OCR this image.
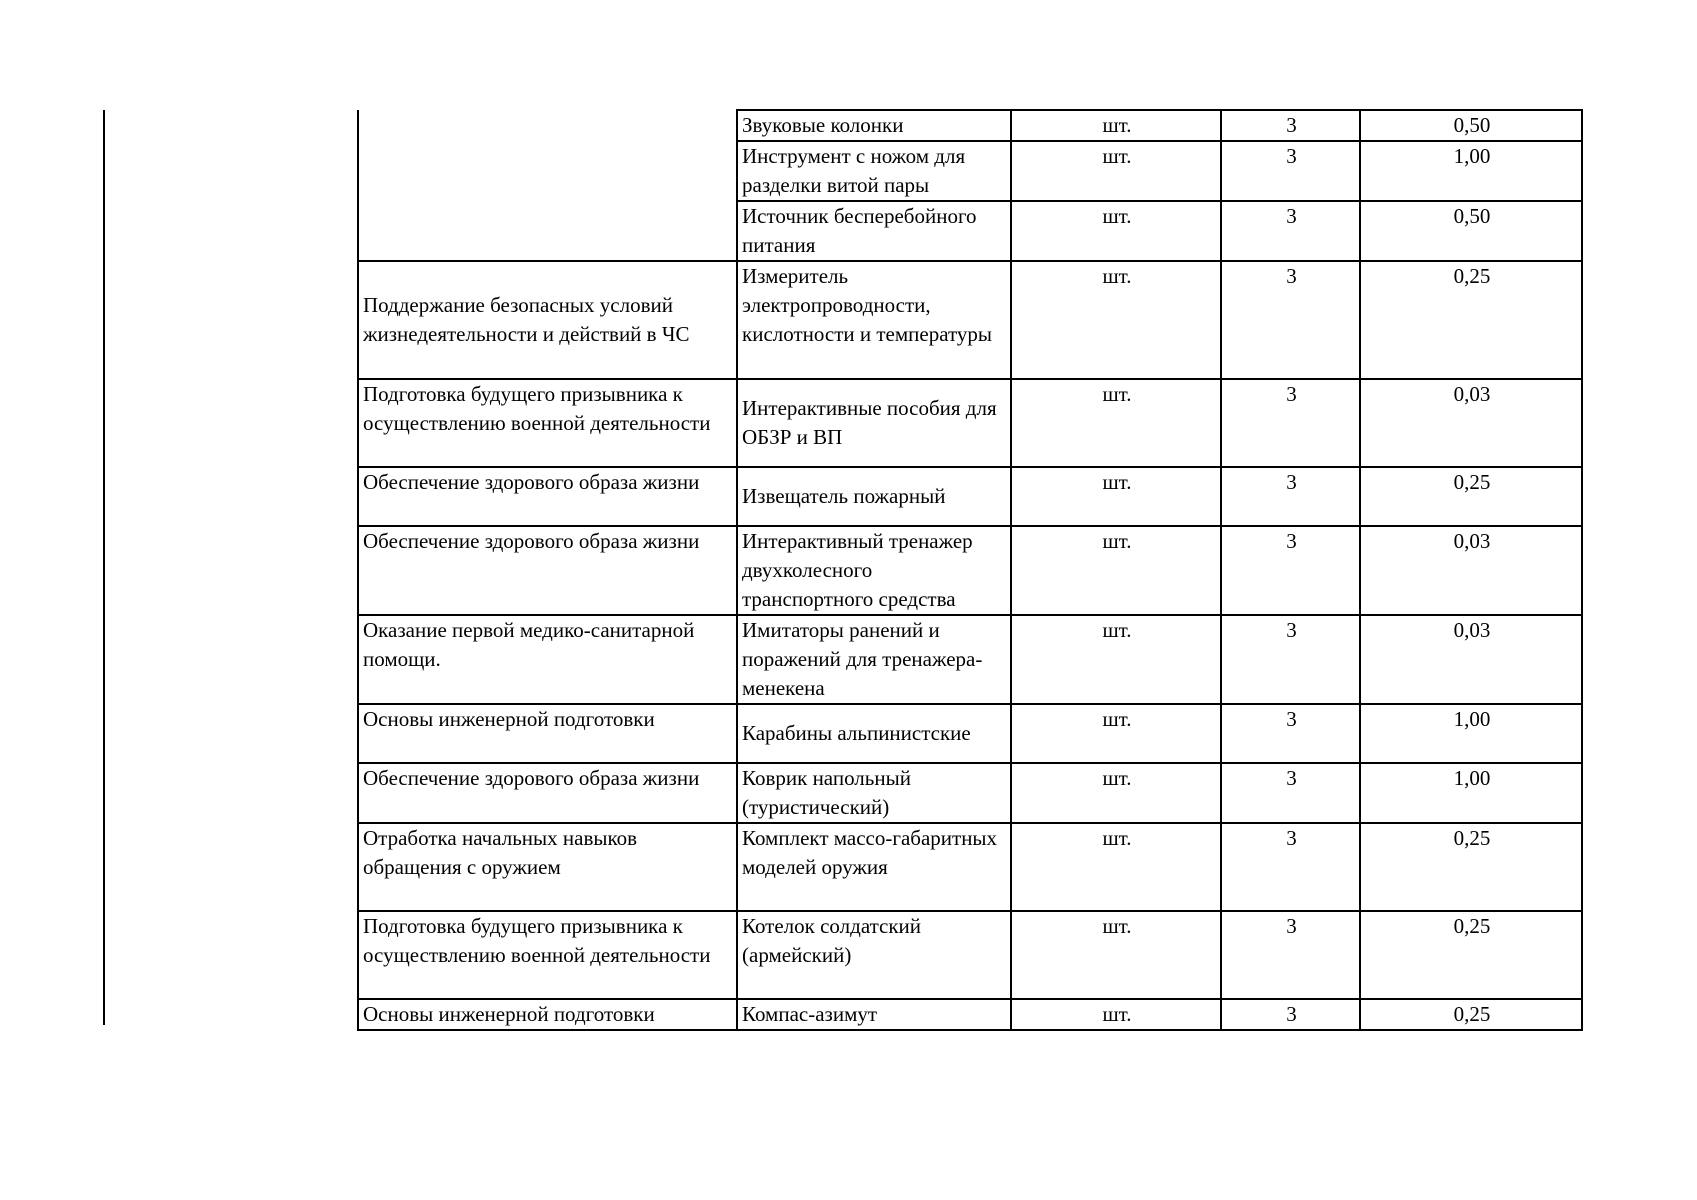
	Звуковые колонки	шт.	3	0,50
	Инструмент с ножом для разделки витой пары	шт.	3	1,00
	Источник бесперебойного питания	шт.	3	0,50
Поддержание безопасных условий жизнедеятельности и действий в ЧС	Измеритель электропроводности, кислотности и температуры	шт.	3	0,25
Подготовка будущего призывника к осуществлению военной деятельности	Интерактивные пособия для ОБЗР и ВП	шт.	3	0,03
Обеспечение здорового образа жизни	Извещатель пожарный	шт.	3	0,25
Обеспечение здорового образа жизни	Интерактивный тренажер двухколесного транспортного средства	шт.	3	0,03
Оказание первой медико-санитарной помощи.	Имитаторы ранений и поражений для тренажера-менекена	шт.	3	0,03
Основы инженерной подготовки	Карабины альпинистские	шт.	3	1,00
Обеспечение здорового образа жизни	Коврик напольный (туристический)	шт.	3	1,00
Отработка начальных навыков обращения с оружием	Комплект массо-габаритных моделей оружия	шт.	3	0,25
Подготовка будущего призывника к осуществлению военной деятельности	Котелок солдатский (армейский)	шт.	3	0,25
Основы инженерной подготовки	Компас-азимут	шт.	3	0,25
